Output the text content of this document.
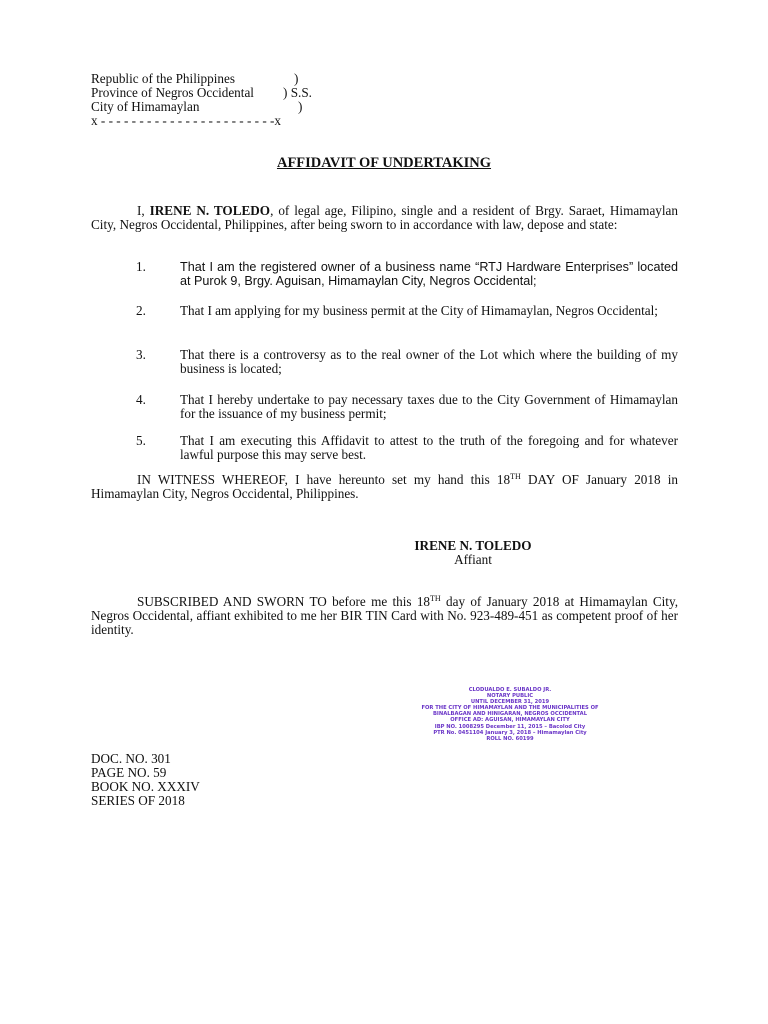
Republic of the Philippines	)
Province of Negros Occidental ) S.S.
City of Himamaylan	)
x - - - - - - - - - - - - - - - - - - - - - - -x
AFFIDAVIT OF UNDERTAKING
I, IRENE N. TOLEDO, of legal age, Filipino, single and a resident of Brgy. Saraet, Himamaylan City, Negros Occidental, Philippines, after being sworn to in accordance with law, depose and state:
1.	That I am the registered owner of a business name “RTJ Hardware Enterprises” located at Purok 9, Brgy. Aguisan, Himamaylan City, Negros Occidental;
2.	That I am applying for my business permit at the City of Himamaylan, Negros Occidental;
3.	That there is a controversy as to the real owner of the Lot which where the building of my business is located;
4.	That I hereby undertake to pay necessary taxes due to the City Government of Himamaylan for the issuance of my business permit;
5.	That I am executing this Affidavit to attest to the truth of the foregoing and for whatever lawful purpose this may serve best.
IN WITNESS WHEREOF, I have hereunto set my hand this 18TH DAY OF January 2018 in Himamaylan City, Negros Occidental, Philippines.
IRENE N. TOLEDO
Affiant
SUBSCRIBED AND SWORN TO before me this 18TH day of January 2018 at Himamaylan City, Negros Occidental, affiant exhibited to me her BIR TIN Card with No. 923-489-451 as competent proof of her identity.
CLODUALDO E. SUBALDO JR.
NOTARY PUBLIC
UNTIL DECEMBER 31, 2019
FOR THE CITY OF HIMAMAYLAN AND THE MUNICIPALITIES OF
BINALBAGAN AND HINIGARAN, NEGROS OCCIDENTAL
OFFICE AD: AGUISAN, HIMAMAYLAN CITY
IBP NO. 1008295 December 11, 2015 – Bacolod City
PTR No. 0451104 January 3, 2018 – Himamaylan City
ROLL NO. 60199
DOC. NO. 301
PAGE NO. 59
BOOK NO. XXXIV
SERIES OF 2018
